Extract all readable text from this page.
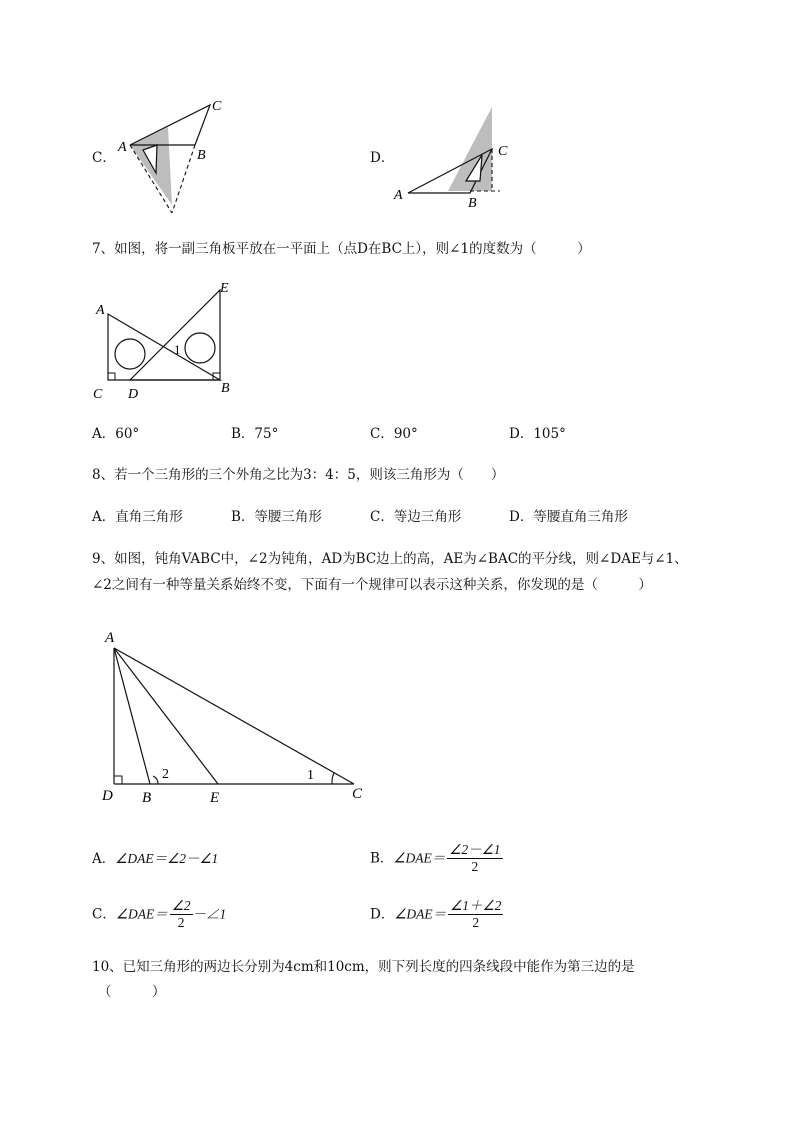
C．
A
B
C
D．
A
B
C
7、如图，将一副三角板平放在一平面上（点D在BC上），则∠1的度数为（　　　）
A
E
C D	B
1
A．60°	B．75°	C．90°	D．105°
8、若一个三角形的三个外角之比为3：4：5，则该三角形为（　　）
A．直角三角形	B．等腰三角形	C．等边三角形	D．等腰直角三角形
9、如图，钝角VABC中，∠2为钝角，AD为BC边上的高，AE为∠BAC的平分线，则∠DAE与∠1、
∠2之间有一种等量关系始终不变，下面有一个规律可以表示这种关系，你发现的是（　　　）
A
D B	E	C
2	1
A．∠DAE＝∠2－∠1	B．∠DAE＝ $\frac{\angle 2-\angle 1}{2}$
C．∠DAE＝ $\frac{\angle 2}{2}$ －∠1	D．∠DAE＝ $\frac{\angle 1+\angle 2}{2}$
10、已知三角形的两边长分别为4cm和10cm，则下列长度的四条线段中能作为第三边的是
（　　　）
